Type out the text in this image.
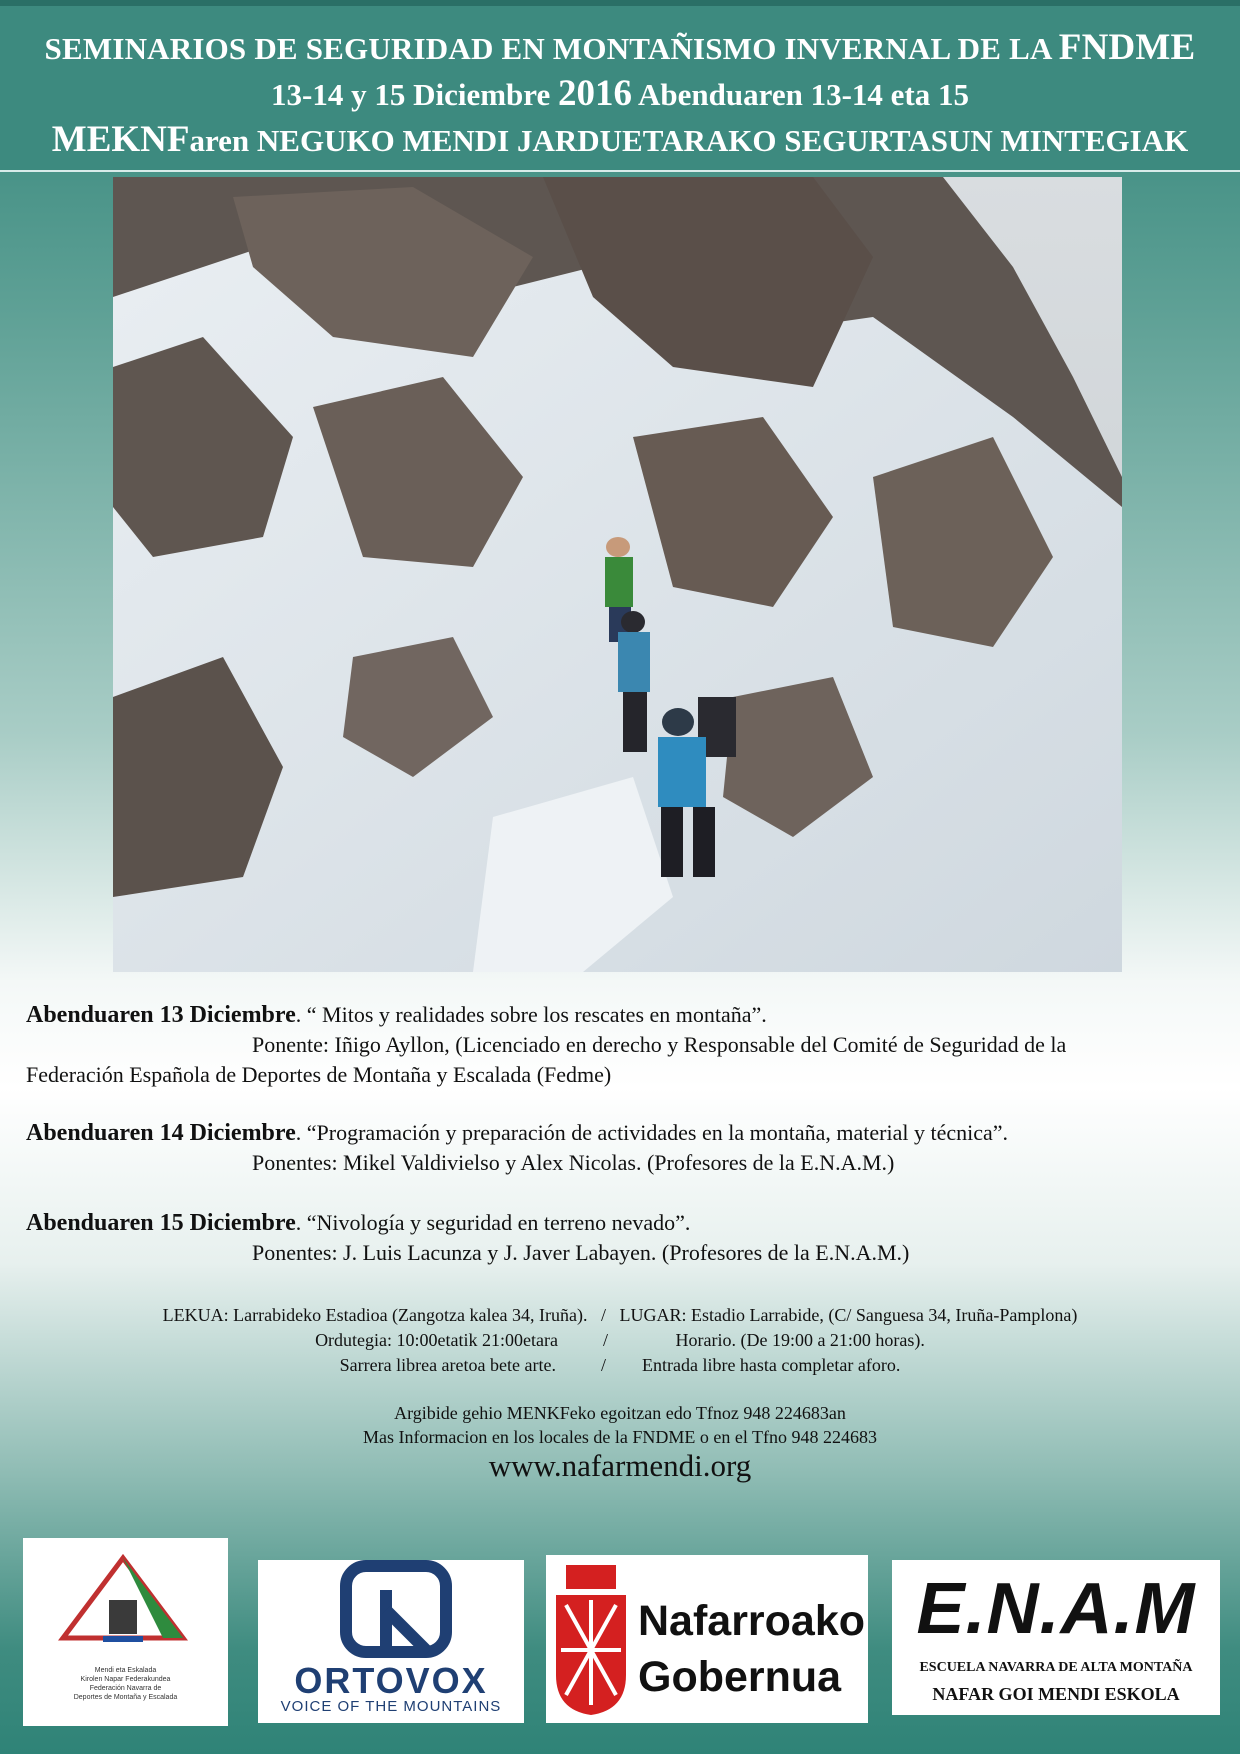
SEMINARIOS DE SEGURIDAD EN MONTAÑISMO INVERNAL DE LA FNDME
13-14 y 15 Diciembre 2016 Abenduaren 13-14 eta 15
MEKNFaren NEGUKO MENDI JARDUETARAKO SEGURTASUN MINTEGIAK
Abenduaren 13 Diciembre. “ Mitos y realidades sobre los rescates en montaña”.
Ponente: Iñigo Ayllon, (Licenciado en derecho y Responsable del Comité de Seguridad de la
Federación Española de Deportes de Montaña y Escalada (Fedme)
Abenduaren 14 Diciembre. “Programación y preparación de actividades en la montaña, material y técnica”.
Ponentes: Mikel Valdivielso y Alex Nicolas. (Profesores de la E.N.A.M.)
Abenduaren 15 Diciembre. “Nivología y seguridad en terreno nevado”.
Ponentes: J. Luis Lacunza y J. Javer Labayen. (Profesores de la E.N.A.M.)
LEKUA: Larrabideko Estadioa (Zangotza kalea 34, Iruña).   /   LUGAR: Estadio Larrabide, (C/ Sanguesa 34, Iruña-Pamplona)
Ordutegia: 10:00etatik 21:00etara          /               Horario. (De 19:00 a 21:00 horas).
Sarrera librea aretoa bete arte.          /        Entrada libre hasta completar aforo.
Argibide gehio MENKFeko egoitzan edo Tfnoz 948 224683an
Mas Informacion en los locales de la FNDME o en el Tfno 948 224683
www.nafarmendi.org
Mendi eta Eskalada
Kirolen Napar Federakundea
Federación Navarra de
Deportes de Montaña y Escalada	ORTOVOX
VOICE OF THE MOUNTAINS
Nafarroako
Gobernua
E.N.A.M
ESCUELA NAVARRA DE ALTA MONTAÑA
NAFAR GOI MENDI ESKOLA
